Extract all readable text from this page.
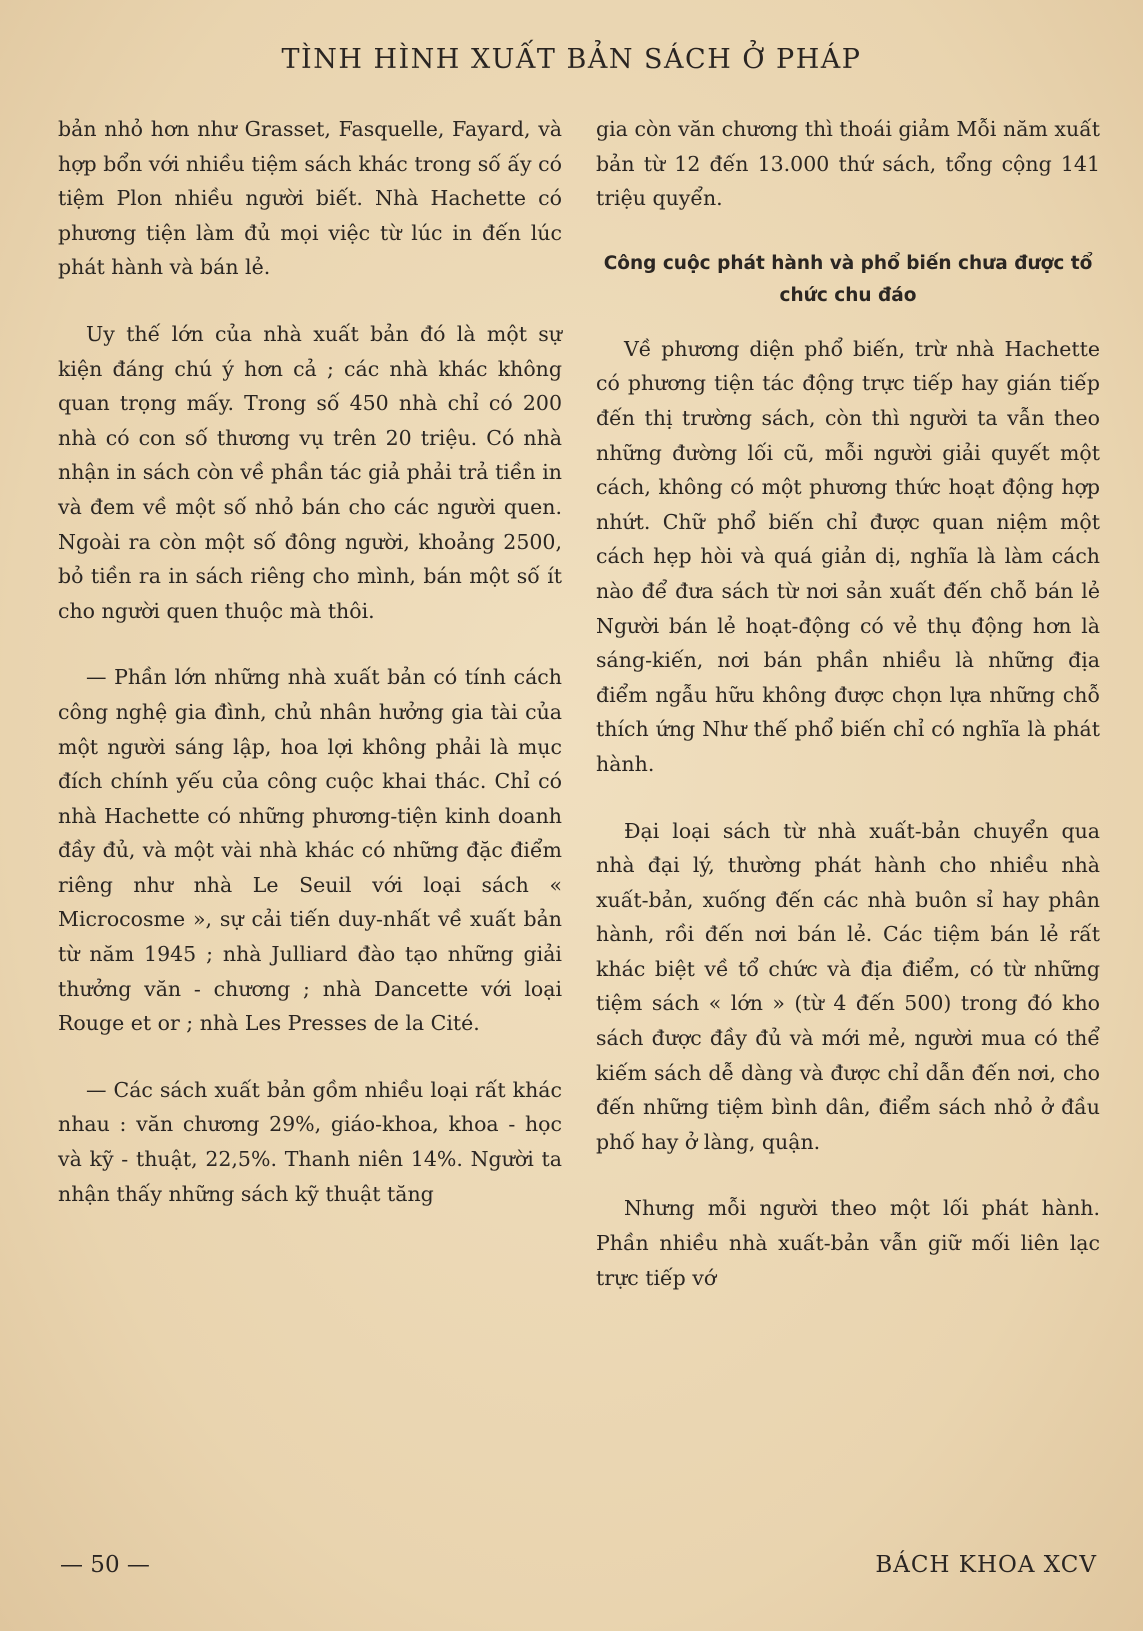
TÌNH HÌNH XUẤT BẢN SÁCH Ở PHÁP

bản nhỏ hơn như Grasset, Fasquelle, Fayard, và hợp bổn với nhiều tiệm sách khác trong số ấy có tiệm Plon nhiều người biết. Nhà Hachette có phương tiện làm đủ mọi việc từ lúc in đến lúc phát hành và bán lẻ.

Uy thế lớn của nhà xuất bản đó là một sự kiện đáng chú ý hơn cả ; các nhà khác không quan trọng mấy. Trong số 450 nhà chỉ có 200 nhà có con số thương vụ trên 20 triệu. Có nhà nhận in sách còn về phần tác giả phải trả tiền in và đem về một số nhỏ bán cho các người quen. Ngoài ra còn một số đông người, khoảng 2500, bỏ tiền ra in sách riêng cho mình, bán một số ít cho người quen thuộc mà thôi.

— Phần lớn những nhà xuất bản có tính cách công nghệ gia đình, chủ nhân hưởng gia tài của một người sáng lập, hoa lợi không phải là mục đích chính yếu của công cuộc khai thác. Chỉ có nhà Hachette có những phương-tiện kinh doanh đầy đủ, và một vài nhà khác có những đặc điểm riêng như nhà Le Seuil với loại sách « Microcosme », sự cải tiến duy-nhất về xuất bản từ năm 1945 ; nhà Julliard đào tạo những giải thưởng văn - chương ; nhà Dancette với loại Rouge et or ; nhà Les Presses de la Cité.

— Các sách xuất bản gồm nhiều loại rất khác nhau : văn chương 29%, giáo-khoa, khoa - học và kỹ - thuật, 22,5%. Thanh niên 14%. Người ta nhận thấy những sách kỹ thuật tăng

gia còn văn chương thì thoái giảm Mỗi năm xuất bản từ 12 đến 13.000 thứ sách, tổng cộng 141 triệu quyển.

Công cuộc phát hành và phổ biến chưa được tổ chức chu đáo

Về phương diện phổ biến, trừ nhà Hachette có phương tiện tác động trực tiếp hay gián tiếp đến thị trường sách, còn thì người ta vẫn theo những đường lối cũ, mỗi người giải quyết một cách, không có một phương thức hoạt động hợp nhứt. Chữ phổ biến chỉ được quan niệm một cách hẹp hòi và quá giản dị, nghĩa là làm cách nào để đưa sách từ nơi sản xuất đến chỗ bán lẻ Người bán lẻ hoạt-động có vẻ thụ động hơn là sáng-kiến, nơi bán phần nhiều là những địa điểm ngẫu hữu không được chọn lựa những chỗ thích ứng Như thế phổ biến chỉ có nghĩa là phát hành.

Đại loại sách từ nhà xuất-bản chuyển qua nhà đại lý, thường phát hành cho nhiều nhà xuất-bản, xuống đến các nhà buôn sỉ hay phân hành, rồi đến nơi bán lẻ. Các tiệm bán lẻ rất khác biệt về tổ chức và địa điểm, có từ những tiệm sách « lớn » (từ 4 đến 500) trong đó kho sách được đầy đủ và mới mẻ, người mua có thể kiếm sách dễ dàng và được chỉ dẫn đến nơi, cho đến những tiệm bình dân, điểm sách nhỏ ở đầu phố hay ở làng, quận.

Nhưng mỗi người theo một lối phát hành. Phần nhiều nhà xuất-bản vẫn giữ mối liên lạc trực tiếp vớ

— 50 —	BÁCH KHOA XCV
